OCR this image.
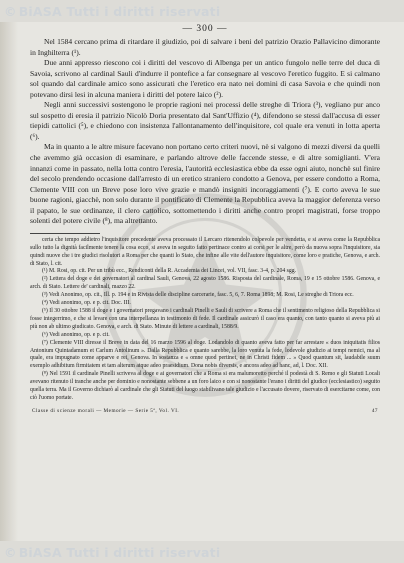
© BiASA Tutti i diritti riservati
— 300 —

Nel 1584 cercano prima di ritardare il giudizio, poi di salvare i beni del patrizio Orazio Pallavicino dimorante in Inghilterra (¹).

Due anni appresso riescono coi i diritti del vescovo di Albenga per un antico fungolo nelle terre del duca di Savoia, scrivono al cardinal Sauli d'indurre il pontefice a far consegnare al vescovo l'eretico fuggito. E si calmano sol quando dal cardinale amico sono assicurati che l'eretico era nato nei domini di casa Savoia e che quindi non potevano dirsi lesi in alcuna maniera i diritti del potere laico (²).

Negli anni successivi sostengono le proprie ragioni nei processi delle streghe di Triora (³), vegliano pur anco sul sospetto di eresia il patrizio Nicolò Doria presentato dal Sant'Uffizio (⁴), difendono se stessi dall'accusa di esser tiepidi cattolici (⁵), e chiedono con insistenza l'allontanamento dell'inquisitore, col quale era venuti in lotta aperta (⁶).

Ma in quanto a le altre misure facevano non portano certo criteri nuovi, nè si valgono di mezzi diversi da quelli che avemmo già occasion di esaminare, e parlando altrove delle faccende stesse, e di altre somiglianti. V'era innanzi come in passato, nella lotta contro l'eresia, l'autorità ecclesiastica ebbe da esse ogni aiuto, nonchè sul finire del secolo prendendo occasione dall'arresto di un eretico straniero condotto a Genova, per essere condotto a Roma, Clemente VIII con un Breve pose loro vive grazie e mandò insigniti incoraggiamenti (⁷). E corto aveva le sue buone ragioni, giacchè, non solo durante il pontificato di Clemente la Repubblica aveva la maggior deferenza verso il papato, le sue ordinanze, il clero cattolico, sottomettendo i diritti anche contro propri magistrati, forse troppo solenti del potere civile (⁸), ma altrettanto.

certa che tempo addietro l'inquisitore precedente aveva processato il Lercaro ritenendolo colpevole per vendetta, e si aveva come la Repubblica sullo tutto la dignità facilmente tenere la cosa ecco, si aveva in seguito fatto pertinace contro ai corsi per le altre, però da nuova sopra l'inquisitore, sia quindi nuove che i tre giudici risolutori a Roma per che quanti lo Stato, che infine alle vite dell'autore inquisitore, come loro e pratiche, Genova, e arch. di Stato, l. cit.

(¹) M. Rosi, op. cit. Per un tribù ecc., Rendiconti della R. Accademia dei Lincei, vol. VII, fasc. 3-4, p. 204 sgg.

(²) Lettera del doge e dei governatori al cardinal Sauli, Genova, 22 agosto 1586. Risposta del cardinale, Roma, 19 e 15 ottobre 1586. Genova, e arch. di Stato. Lettere de' cardinali, mazzo 22.

(³) Vedi Anonimo, op. cit., Ill. p. 194 e in Rivista delle discipline carcerarie, fasc. 5, 6, 7. Roma 1898; M. Rosi, Le streghe di Triora ecc.

(⁴) Vedi anonimo, op. e p. cit. Doc. III.

(⁵) Il 30 ottobre 1588 il doge e i governatori pregavano i cardinali Pinelli e Sauli di scrivere a Roma che il sentimento religioso della Repubblica si fosse integerrimo, e che si levare con una interpellanza in testimonio di fede. Il cardinale assicurò il caso era quanto, con tanto quanto si aveva più ai più non ab ultimo giudicato. Genova, e arch. di Stato. Minute di lettere a cardinali, 1588/9.

(⁶) Vedi anonimo, op. e p. cit.

(⁷) Clemente VIII diresse il Breve in data del 16 marzo 1596 al doge. Lodandolo di quanto aveva fatto per far arrestare « duos iniquitatis filios Antonium Quintadamum et Carlum Antolinum ». Dalla Repubblica e quanto sarebbe, la loro venuta la fede, lodevole giudizio ai tempi nemici, ma al quale, era impugnato come apparve e rei, Genova. In sostanza e « omne quod pertinet, ne in Christi fidem ... » Quod quantum sit, laudabile suum exemplo adhibitum firmitatem et tam alterum atque adeo praesidium. Dona nobis diversis, e ancora adeo ad hanc, ad, l. Doc. XII.

(⁸) Nel 1591 il cardinale Pinelli scriveva al doge e ai governatori che a Roma si era malumoretto perché il podestà di S. Remo e gli Statuti Locali avevano ritenuto il tranche anche per dominio e nonostante sebbene a un foro laico e con si nonostante l'erano i diritti del giudice (ecclesiastico) seguito quella terra. Ma il Governo dichiarò al cardinale che gli Statuti del luogo stabilivano tale giudizio e l'accusato dovere, riservato di esercitarne come, con ciò l'uomo portate.

Classe di scienze morali — Memorie — Serie 5ª, Vol. VI.	47
© BiASA Tutti i diritti riservati
